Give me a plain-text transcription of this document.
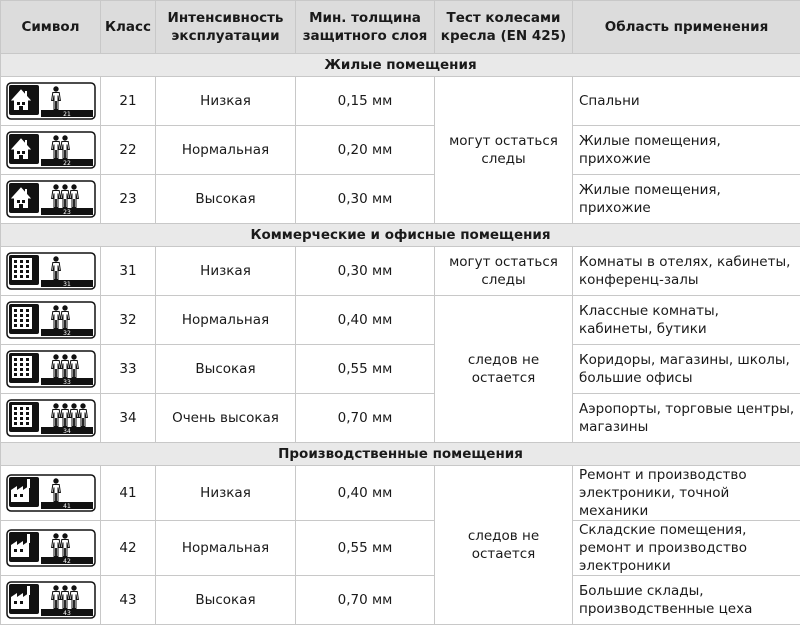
Символ	Класс	Интенсивность эксплуатации	Мин. толщина защитного слоя	Тест колесами кресла (EN 425)	Область применения
Жилые помещения					

21	21	Низкая	0,15 мм	могут остаться следы	Спальни

22	22	Нормальная	0,20 мм		Жилые помещения, прихожие

23	23	Высокая	0,30 мм		Жилые помещения, прихожие
Коммерческие и офисные помещения					

31	31	Низкая	0,30 мм	могут остаться следы	Комнаты в отелях, кабинеты, конференц-залы

32	32	Нормальная	0,40 мм	следов не остается	Классные комнаты, кабинеты, бутики

33	33	Высокая	0,55 мм		Коридоры, магазины, школы, большие офисы

34	34	Очень высокая	0,70 мм		Аэропорты, торговые центры, магазины
Производственные помещения					

41	41	Низкая	0,40 мм	следов не остается	Ремонт и производство электроники, точной механики

42	42	Нормальная	0,55 мм		Складские помещения, ремонт и производство электроники

43	43	Высокая	0,70 мм		Большие склады, производственные цеха
